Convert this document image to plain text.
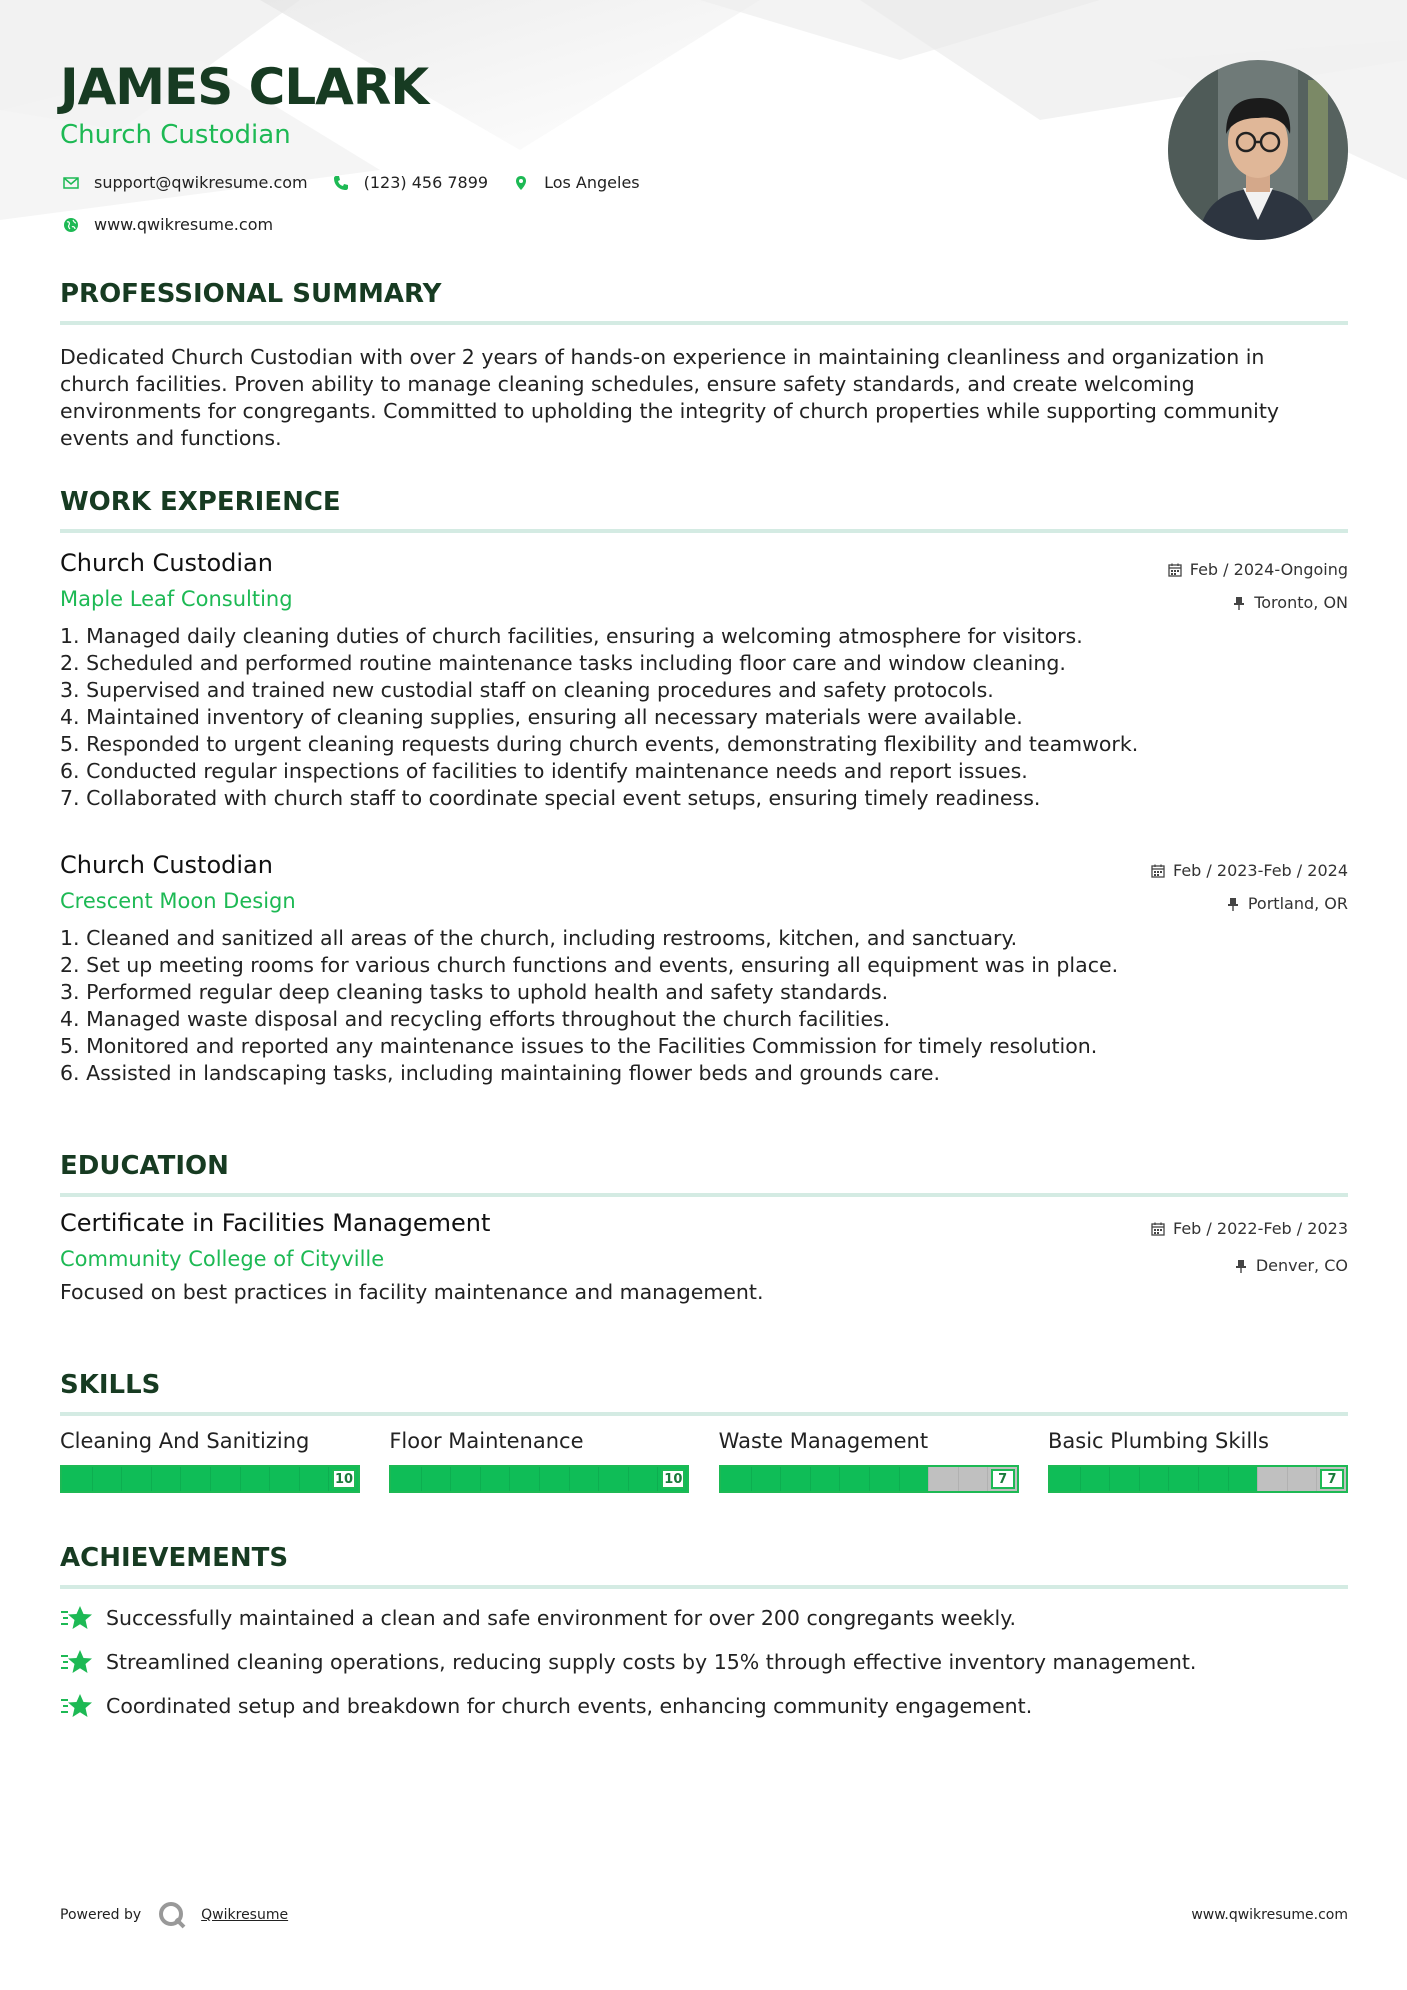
JAMES CLARK
Church Custodian
support@qwikresume.com	(123) 456 7899	Los Angeles
www.qwikresume.com
PROFESSIONAL SUMMARY
Dedicated Church Custodian with over 2 years of hands-on experience in maintaining cleanliness and organization in
church facilities. Proven ability to manage cleaning schedules, ensure safety standards, and create welcoming
environments for congregants. Committed to upholding the integrity of church properties while supporting community
events and functions.
WORK EXPERIENCE
Church Custodian
Maple Leaf Consulting
Feb / 2024-Ongoing
Toronto, ON
1. Managed daily cleaning duties of church facilities, ensuring a welcoming atmosphere for visitors.
2. Scheduled and performed routine maintenance tasks including floor care and window cleaning.
3. Supervised and trained new custodial staff on cleaning procedures and safety protocols.
4. Maintained inventory of cleaning supplies, ensuring all necessary materials were available.
5. Responded to urgent cleaning requests during church events, demonstrating flexibility and teamwork.
6. Conducted regular inspections of facilities to identify maintenance needs and report issues.
7. Collaborated with church staff to coordinate special event setups, ensuring timely readiness.
Church Custodian
Crescent Moon Design
Feb / 2023-Feb / 2024
Portland, OR
1. Cleaned and sanitized all areas of the church, including restrooms, kitchen, and sanctuary.
2. Set up meeting rooms for various church functions and events, ensuring all equipment was in place.
3. Performed regular deep cleaning tasks to uphold health and safety standards.
4. Managed waste disposal and recycling efforts throughout the church facilities.
5. Monitored and reported any maintenance issues to the Facilities Commission for timely resolution.
6. Assisted in landscaping tasks, including maintaining flower beds and grounds care.
EDUCATION
Certificate in Facilities Management
Community College of Cityville
Feb / 2022-Feb / 2023
Denver, CO
Focused on best practices in facility maintenance and management.
SKILLS
Cleaning And Sanitizing
10
Floor Maintenance
10
Waste Management
7
Basic Plumbing Skills
7
ACHIEVEMENTS
Successfully maintained a clean and safe environment for over 200 congregants weekly.
Streamlined cleaning operations, reducing supply costs by 15% through effective inventory management.
Coordinated setup and breakdown for church events, enhancing community engagement.
Powered by	Qwikresume	www.qwikresume.com
